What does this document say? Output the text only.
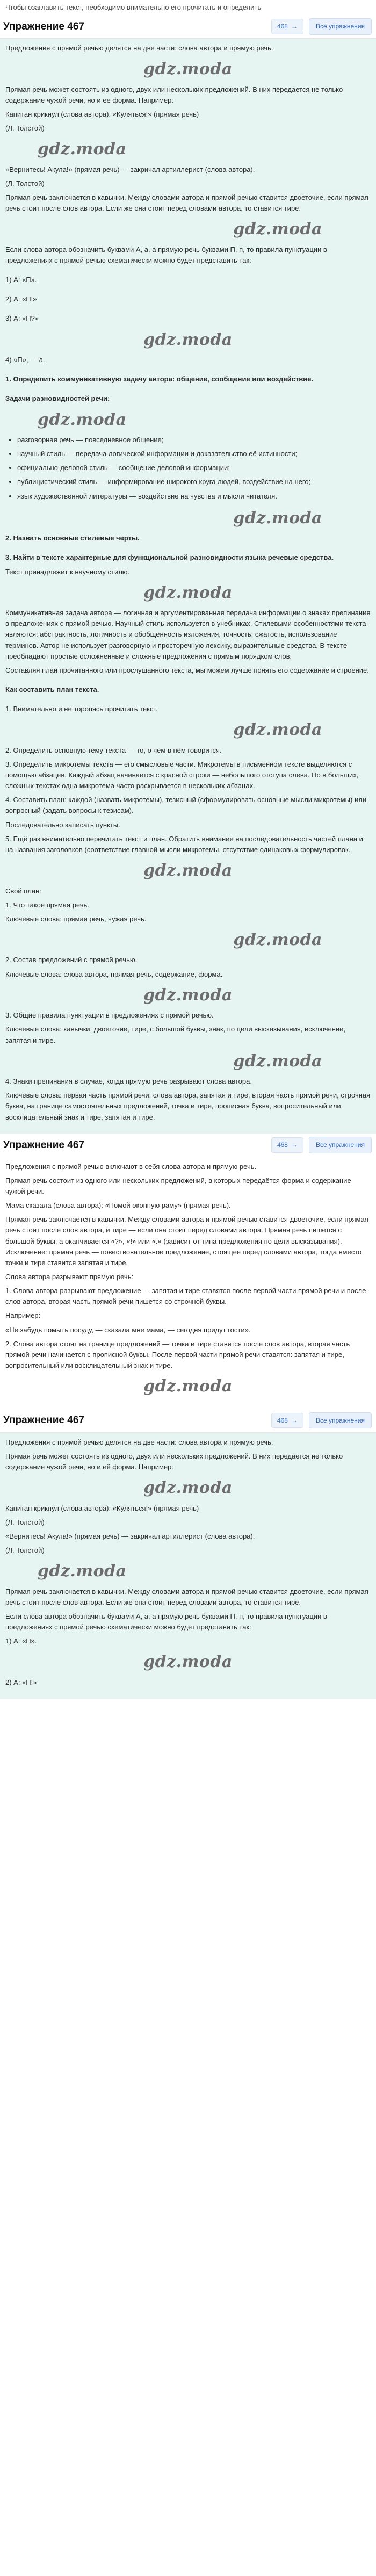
Чтобы озаглавить текст, необходимо внимательно его прочитать и определить
Упражнение 467	468 →	Все упражнения

Предложения с прямой речью делятся на две части: слова автора и прямую речь.

gdz.moda

Прямая речь может состоять из одного, двух или нескольких предложений. В них передается не только содержание чужой речи, но и ее форма. Например:

Капитан крикнул (слова автора): «Куляться!» (прямая речь)

(Л. Толстой)

gdz.moda

«Вернитесь! Акула!» (прямая речь) — закричал артиллерист (слова автора).

(Л. Толстой)

Прямая речь заключается в кавычки. Между словами автора и прямой речью ставится двоеточие, если прямая речь стоит после слов автора. Если же она стоит перед словами автора, то ставится тире.

gdz.moda

Если слова автора обозначить буквами А, а, а прямую речь буквами П, п, то правила пунктуации в предложениях с прямой речью схематически можно будет представить так:

1) А: «П».

2) А: «П!»

3) А: «П?»

gdz.moda

4) «П», — а.

1. Определить коммуникативную задачу автора: общение, сообщение или воздействие.

Задачи разновидностей речи:

gdz.moda
• разговорная речь — повседневное общение;
• научный стиль — передача логической информации и доказательство её истинности;
• официально-деловой стиль — сообщение деловой информации;
• публицистический стиль — информирование широкого круга людей, воздействие на него;
• язык художественной литературы — воздействие на чувства и мысли читателя.
gdz.moda

2. Назвать основные стилевые черты.

3. Найти в тексте характерные для функциональной разновидности языка речевые средства.

Текст принадлежит к научному стилю.

gdz.moda

Коммуникативная задача автора — логичная и аргументированная передача информации о знаках препинания в предложениях с прямой речью. Научный стиль используется в учебниках. Стилевыми особенностями текста являются: абстрактность, логичность и обобщённость изложения, точность, сжатость, использование терминов. Автор не использует разговорную и просторечную лексику, выразительные средства. В тексте преобладают простые осложнённые и сложные предложения с прямым порядком слов.

Составляя план прочитанного или прослушанного текста, мы можем лучше понять его содержание и строение.

Как составить план текста.

1. Внимательно и не торопясь прочитать текст.

gdz.moda

2. Определить основную тему текста — то, о чём в нём говорится.

3. Определить микротемы текста — его смысловые части. Микротемы в письменном тексте выделяются с помощью абзацев. Каждый абзац начинается с красной строки — небольшого отступа слева. Но в больших, сложных текстах одна микротема часто раскрывается в нескольких абзацах.

4. Составить план: каждой (назвать микротемы), тезисный (сформулировать основные мысли микротемы) или вопросный (задать вопросы к тезисам).

Последовательно записать пункты.

5. Ещё раз внимательно перечитать текст и план. Обратить внимание на последовательность частей плана и на названия заголовков (соответствие главной мысли микротемы, отсутствие одинаковых формулировок.

gdz.moda

Свой план:

1. Что такое прямая речь.

Ключевые слова: прямая речь, чужая речь.

gdz.moda

2. Состав предложений с прямой речью.

Ключевые слова: слова автора, прямая речь, содержание, форма.

gdz.moda

3. Общие правила пунктуации в предложениях с прямой речью.

Ключевые слова: кавычки, двоеточие, тире, с большой буквы, знак, по цели высказывания, исключение, запятая и тире.

gdz.moda

4. Знаки препинания в случае, когда прямую речь разрывают слова автора.

Ключевые слова: первая часть прямой речи, слова автора, запятая и тире, вторая часть прямой речи, строчная буква, на границе самостоятельных предложений, точка и тире, прописная буква, вопросительный или восклицательный знак и тире, запятая и тире.

Упражнение 467	468 →	Все упражнения

Предложения с прямой речью включают в себя слова автора и прямую речь.

Прямая речь состоит из одного или нескольких предложений, в которых передаётся форма и содержание чужой речи.

Мама сказала (слова автора): «Помой оконную раму» (прямая речь).

Прямая речь заключается в кавычки. Между словами автора и прямой речью ставится двоеточие, если прямая речь стоит после слов автора, и тире — если она стоит перед словами автора. Прямая речь пишется с большой буквы, а оканчивается «?», «!» или «.» (зависит от типа предложения по цели высказывания). Исключение: прямая речь — повествовательное предложение, стоящее перед словами автора, тогда вместо точки и тире ставится запятая и тире.

Слова автора разрывают прямую речь:

1. Слова автора разрывают предложение — запятая и тире ставятся после первой части прямой речи и после слов автора, вторая часть прямой речи пишется со строчной буквы.

Например:

«Не забудь помыть посуду, — сказала мне мама, — сегодня придут гости».

2. Слова автора стоят на границе предложений — точка и тире ставятся после слов автора, вторая часть прямой речи начинается с прописной буквы. После первой части прямой речи ставятся: запятая и тире, вопросительный или восклицательный знак и тире.

gdz.moda
Упражнение 467	468 →	Все упражнения

Предложения с прямой речью делятся на две части: слова автора и прямую речь.

Прямая речь может состоять из одного, двух или нескольких предложений. В них передается не только содержание чужой речи, но и её форма. Например:

gdz.moda

Капитан крикнул (слова автора): «Куляться!» (прямая речь)

(Л. Толстой)

«Вернитесь! Акула!» (прямая речь) — закричал артиллерист (слова автора).

(Л. Толстой)

gdz.moda

Прямая речь заключается в кавычки. Между словами автора и прямой речью ставится двоеточие, если прямая речь стоит после слов автора. Если же она стоит перед словами автора, то ставится тире.

Если слова автора обозначить буквами А, а, а прямую речь буквами П, п, то правила пунктуации в предложениях с прямой речью схематически можно будет представить так:

1) А: «П».

gdz.moda

2) А: «П!»
